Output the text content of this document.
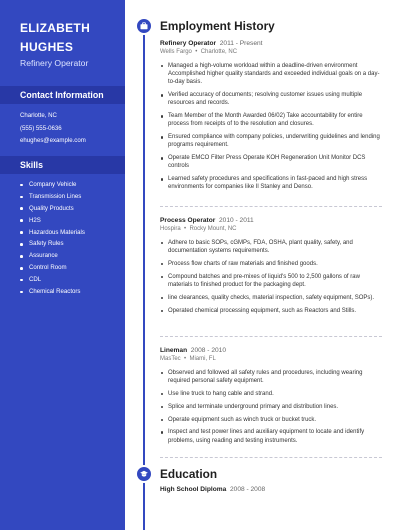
ELIZABETH
HUGHES
Refinery Operator
Contact Information
Charlotte, NC
(555) 555-0636
ehughes@example.com
Skills
Company Vehicle
Transmission Lines
Quality Products
H2S
Hazardous Materials
Safety Rules
Assurance
Control Room
CDL
Chemical Reactors
Employment History
Refinery Operator 2011 - Present
Wells Fargo  •  Charlotte, NC
Managed a high-volume workload within a deadline-driven environment Accomplished higher quality standards and exceeded individual goals on a day-to-day basis.
Verified accuracy of documents; resolving customer issues using multiple resources and records.
Team Member of the Month Awarded 06/02) Take accountability for entire process from receipts of to the resolution and closures.
Ensured compliance with company policies, underwriting guidelines and lending programs requirement.
Operate EMCO Filter Press Operate KOH Regeneration Unit Monitor DCS controls
Learned safety procedures and specifications in fast-paced and high stress environments for companies like Il Stanley and Denso.
Process Operator 2010 - 2011
Hospira  •  Rocky Mount, NC
Adhere to basic SOPs, cGMPs, FDA, OSHA, plant quality, safety, and documentation systems requirements.
Process flow charts of raw materials and finished goods.
Compound batches and pre-mixes of liquid's 500 to 2,500 gallons of raw materials to finished product for the packaging dept.
line clearances, quality checks, material inspection, safety equipment, SOPs).
Operated chemical processing equipment, such as Reactors and Stills.
Lineman 2008 - 2010
MasTec  •  Miami, FL
Observed and followed all safety rules and procedures, including wearing required personal safety equipment.
Use line truck to hang cable and strand.
Splice and terminate underground primary and distribution lines.
Operate equipment such as winch truck or bucket truck.
Inspect and test power lines and auxiliary equipment to locate and identify problems, using reading and testing instruments.
Education
High School Diploma 2008 - 2008
